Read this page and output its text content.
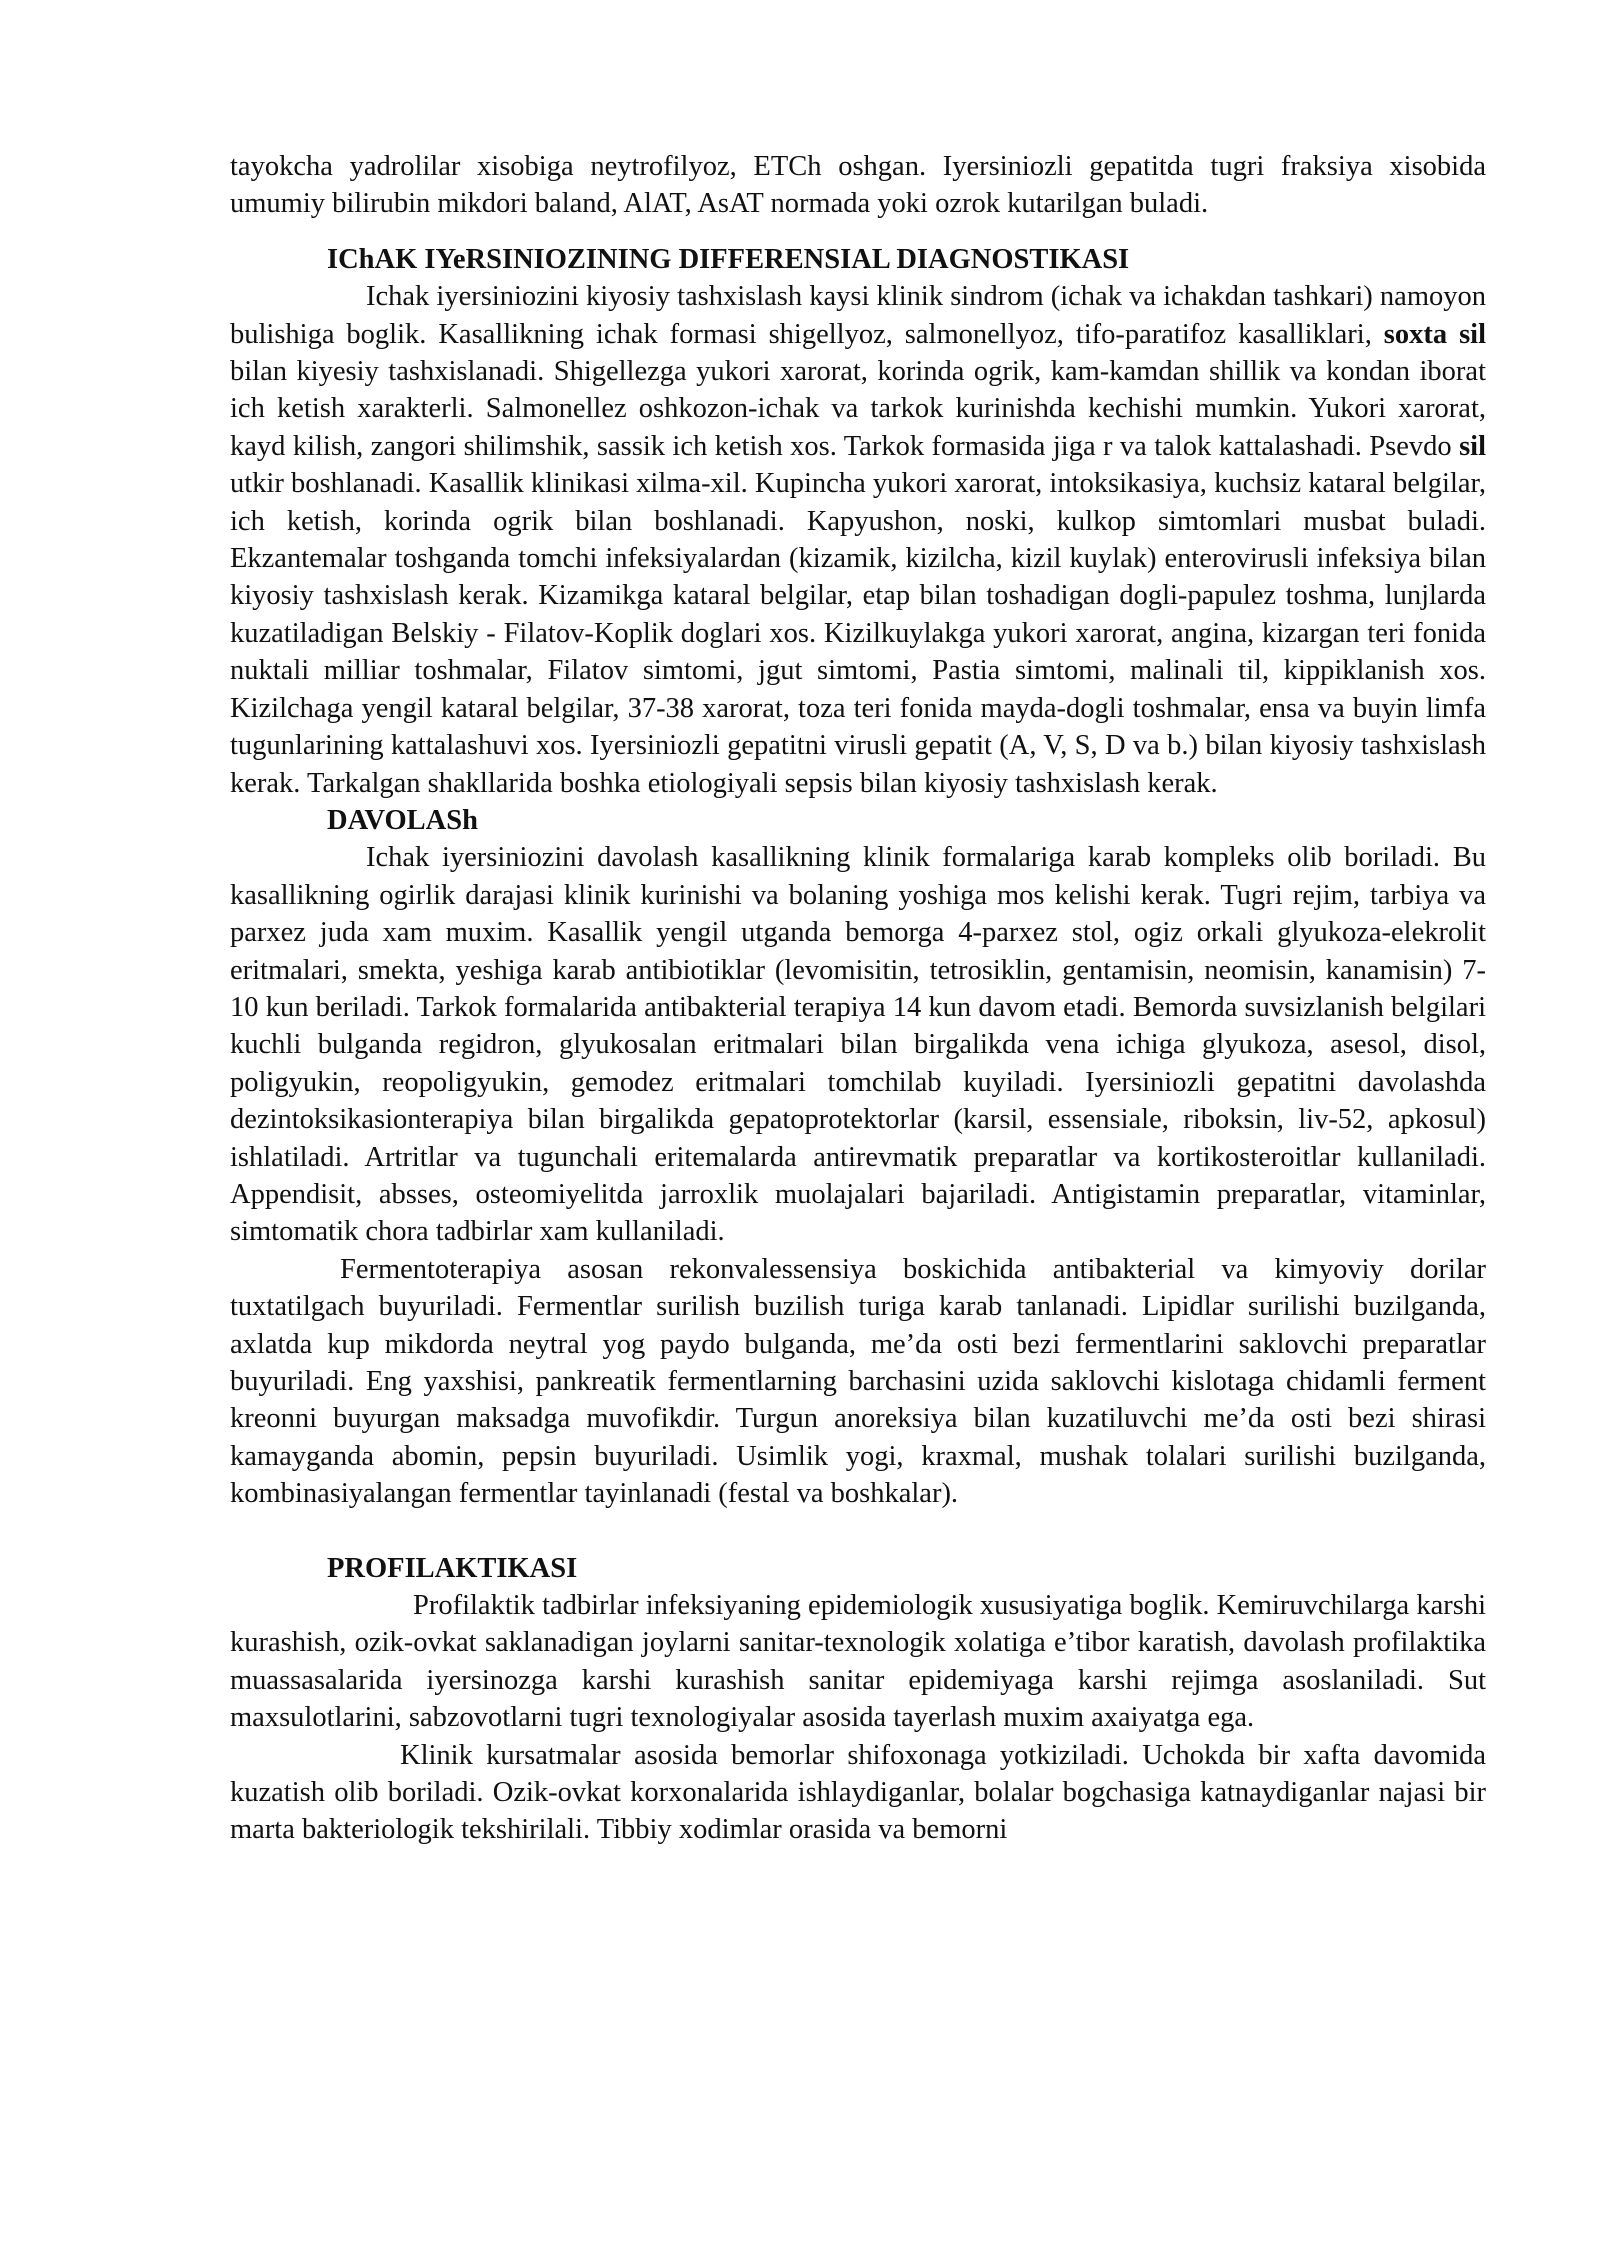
tayokcha yadrolilar xisobiga neytrofilyoz, ETCh oshgan. Iyersiniozli gepatitda tugri fraksiya xisobida umumiy bilirubin mikdori baland, AlAT, AsAT normada yoki ozrok kutarilgan buladi.

IChAK IYeRSINIOZINING DIFFERENSIAL DIAGNOSTIKASI

Ichak iyersiniozini kiyosiy tashxislash kaysi klinik sindrom (ichak va ichakdan tashkari) namoyon bulishiga boglik. Kasallikning ichak formasi shigellyoz, salmonellyoz, tifo-paratifoz kasalliklari, soxta sil bilan kiyesiy tashxislanadi. Shigellezga yukori xarorat, korinda ogrik, kam-kamdan shillik va kondan iborat ich ketish xarakterli. Salmonellez oshkozon-ichak va tarkok kurinishda kechishi mumkin. Yukori xarorat, kayd kilish, zangori shilimshik, sassik ich ketish xos. Tarkok formasida jiga r va talok kattalashadi. Psevdo sil utkir boshlanadi. Kasallik klinikasi xilma-xil. Kupincha yukori xarorat, intoksikasiya, kuchsiz kataral belgilar, ich ketish, korinda ogrik bilan boshlanadi. Kapyushon, noski, kulkop simtomlari musbat buladi. Ekzantemalar toshganda tomchi infeksiyalardan (kizamik, kizilcha, kizil kuylak) enterovirusli infeksiya bilan kiyosiy tashxislash kerak. Kizamikga kataral belgilar, etap bilan toshadigan dogli-papulez toshma, lunjlarda kuzatiladigan Belskiy - Filatov-Koplik doglari xos. Kizilkuylakga yukori xarorat, angina, kizargan teri fonida nuktali milliar toshmalar, Filatov simtomi, jgut simtomi, Pastia simtomi, malinali til, kippiklanish xos. Kizilchaga yengil kataral belgilar, 37-38 xarorat, toza teri fonida mayda-dogli toshmalar, ensa va buyin limfa tugunlarining kattalashuvi xos. Iyersiniozli gepatitni virusli gepatit (A, V, S, D va b.) bilan kiyosiy tashxislash kerak. Tarkalgan shakllarida boshka etiologiyali sepsis bilan kiyosiy tashxislash kerak.

DAVOLASh

Ichak iyersiniozini davolash kasallikning klinik formalariga karab kompleks olib boriladi. Bu kasallikning ogirlik darajasi klinik kurinishi va bolaning yoshiga mos kelishi kerak. Tugri rejim, tarbiya va parxez juda xam muxim. Kasallik yengil utganda bemorga 4-parxez stol, ogiz orkali glyukoza-elekrolit eritmalari, smekta, yeshiga karab antibiotiklar (levomisitin, tetrosiklin, gentamisin, neomisin, kanamisin) 7-10 kun beriladi. Tarkok formalarida antibakterial terapiya 14 kun davom etadi. Bemorda suvsizlanish belgilari kuchli bulganda regidron, glyukosalan eritmalari bilan birgalikda vena ichiga glyukoza, asesol, disol, poligyukin, reopoligyukin, gemodez eritmalari tomchilab kuyiladi. Iyersiniozli gepatitni davolashda dezintoksikasionterapiya bilan birgalikda gepatoprotektorlar (karsil, essensiale, riboksin, liv-52, apkosul) ishlatiladi. Artritlar va tugunchali eritemalarda antirevmatik preparatlar va kortikosteroitlar kullaniladi. Appendisit, absses, osteomiyelitda jarroxlik muolajalari bajariladi. Antigistamin preparatlar, vitaminlar, simtomatik chora tadbirlar xam kullaniladi.

Fermentoterapiya asosan rekonvalessensiya boskichida antibakterial va kimyoviy dorilar tuxtatilgach buyuriladi. Fermentlar surilish buzilish turiga karab tanlanadi. Lipidlar surilishi buzilganda, axlatda kup mikdorda neytral yog paydo bulganda, me’da osti bezi fermentlarini saklovchi preparatlar buyuriladi. Eng yaxshisi, pankreatik fermentlarning barchasini uzida saklovchi kislotaga chidamli ferment kreonni buyurgan maksadga muvofikdir. Turgun anoreksiya bilan kuzatiluvchi me’da osti bezi shirasi kamayganda abomin, pepsin buyuriladi. Usimlik yogi, kraxmal, mushak tolalari surilishi buzilganda, kombinasiyalangan fermentlar tayinlanadi (festal va boshkalar).

PROFILAKTIKASI

Profilaktik tadbirlar infeksiyaning epidemiologik xususiyatiga boglik. Kemiruvchilarga karshi kurashish, ozik-ovkat saklanadigan joylarni sanitar-texnologik xolatiga e’tibor karatish, davolash profilaktika muassasalarida iyersinozga karshi kurashish sanitar epidemiyaga karshi rejimga asoslaniladi. Sut maxsulotlarini, sabzovotlarni tugri texnologiyalar asosida tayerlash muxim axaiyatga ega.

Klinik kursatmalar asosida bemorlar shifoxonaga yotkiziladi. Uchokda bir xafta davomida kuzatish olib boriladi. Ozik-ovkat korxonalarida ishlaydiganlar, bolalar bogchasiga katnaydiganlar najasi bir marta bakteriologik tekshirilali. Tibbiy xodimlar orasida va bemorni
